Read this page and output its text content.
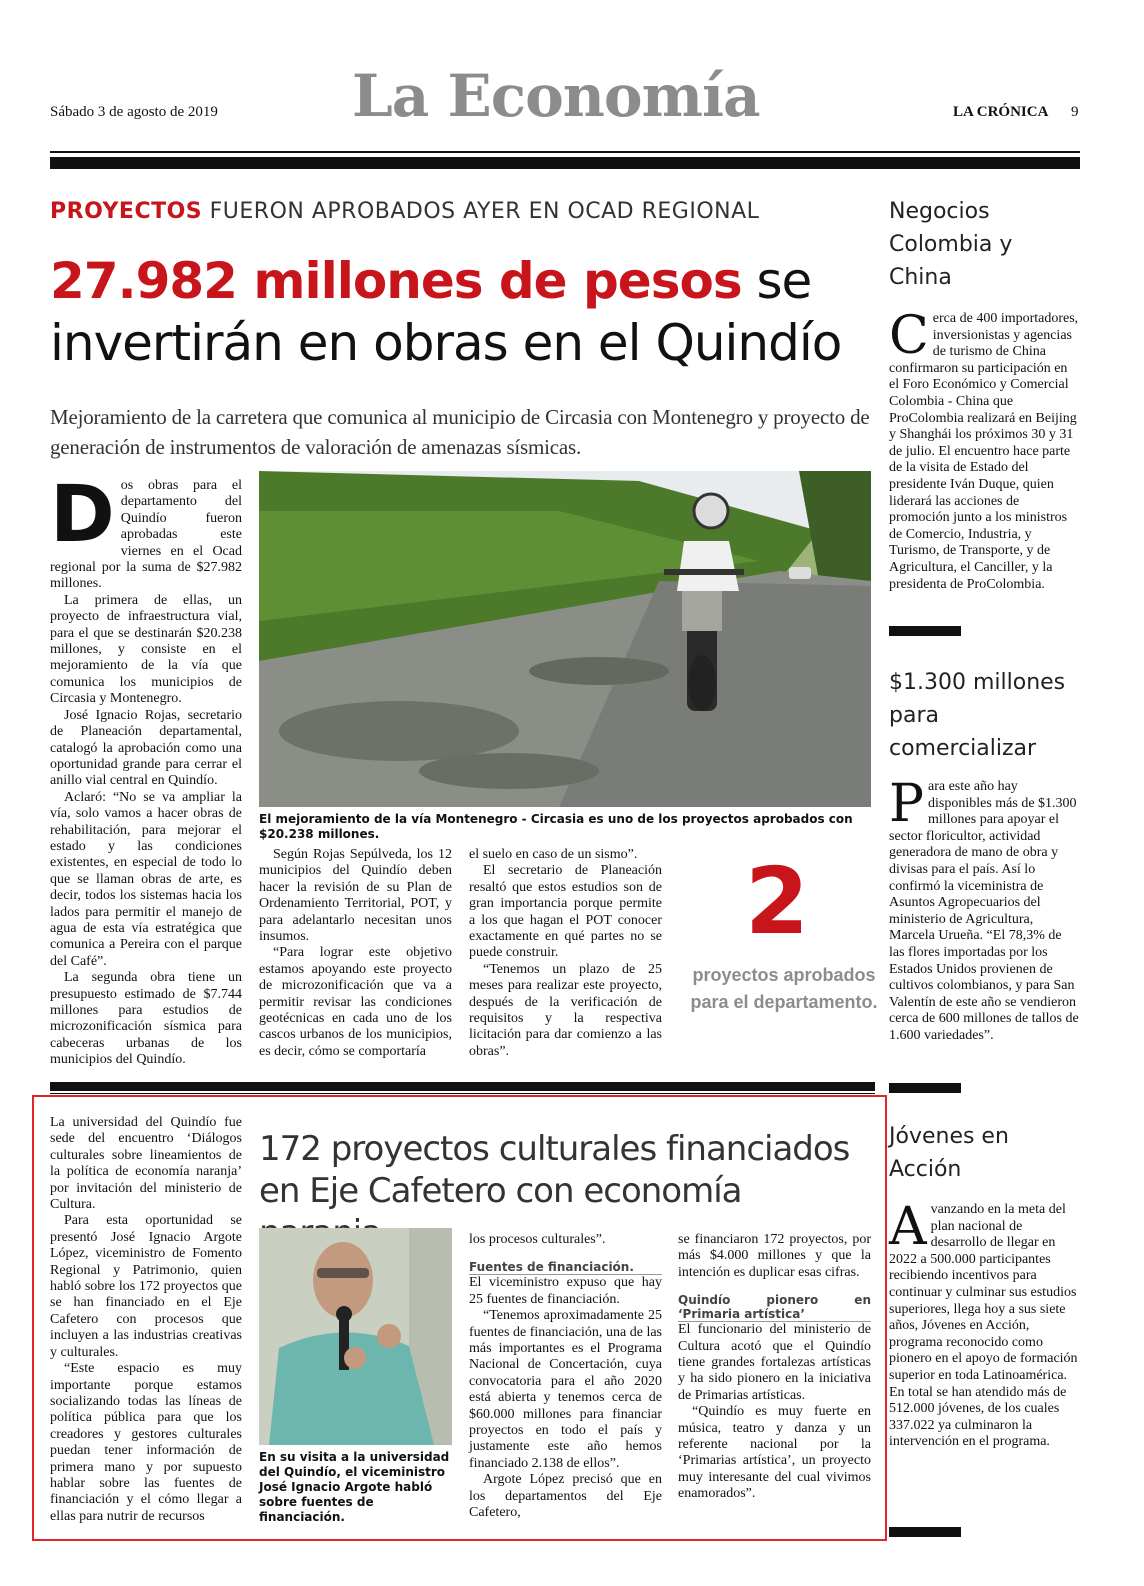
Sábado 3 de agosto de 2019 La Economía	LA CRÓNICA 9
PROYECTOS FUERON APROBADOS AYER EN OCAD REGIONAL
27.982 millones de pesos se invertirán en obras en el Quindío
Mejoramiento de la carretera que comunica al municipio de Circasia con Montenegro y proyecto de generación de instrumentos de valoración de amenazas sísmicas.

Dos obras para el departamento del Quindío fueron aprobadas este viernes en el Ocad regional por la suma de $27.982 millones.

La primera de ellas, un proyecto de infraestructura vial, para el que se destinarán $20.238 millones, y consiste en el mejoramiento de la vía que comunica los municipios de Circasia y Montenegro.

José Ignacio Rojas, secretario de Planeación departamental, catalogó la aprobación como una oportunidad grande para cerrar el anillo vial central en Quindío.

Aclaró: “No se va ampliar la vía, solo vamos a hacer obras de rehabilitación, para mejorar el estado y las condiciones existentes, en especial de todo lo que se llaman obras de arte, es decir, todos los sistemas hacia los lados para permitir el manejo de agua de esta vía estratégica que comunica a Pereira con el parque del Café”.

La segunda obra tiene un presupuesto estimado de $7.744 millones para estudios de microzonificación sísmica para cabeceras urbanas de los municipios del Quindío.

El mejoramiento de la vía Montenegro - Circasia es uno de los proyectos aprobados con $20.238 millones.

Según Rojas Sepúlveda, los 12 municipios del Quindío deben hacer la revisión de su Plan de Ordenamiento Territorial, POT, y para adelantarlo necesitan unos insumos.

“Para lograr este objetivo estamos apoyando este proyecto de microzonificación que va a permitir revisar las condiciones geotécnicas en cada uno de los cascos urbanos de los municipios, es decir, cómo se comportaría

el suelo en caso de un sismo”.

El secretario de Planeación resaltó que estos estudios son de gran importancia porque permite a los que hagan el POT conocer exactamente en qué partes no se puede construir.

“Tenemos un plazo de 25 meses para realizar este proyecto, después de la verificación de requisitos y la respectiva licitación para dar comienzo a las obras”.

2
proyectos aprobados para el departamento.
Negocios Colombia y China
Cerca de 400 importadores, inversionistas y agencias de turismo de China confirmaron su participación en el Foro Económico y Comercial Colombia - China que ProColombia realizará en Beijing y Shanghái los próximos 30 y 31 de julio. El encuentro hace parte de la visita de Estado del presidente Iván Duque, quien liderará las acciones de promoción junto a los ministros de Comercio, Industria, y Turismo, de Transporte, y de Agricultura, el Canciller, y la presidenta de ProColombia.
$1.300 millones para comercializar
Para este año hay disponibles más de $1.300 millones para apoyar el sector floricultor, actividad generadora de mano de obra y divisas para el país. Así lo confirmó la viceministra de Asuntos Agropecuarios del ministerio de Agricultura, Marcela Urueña. “El 78,3% de las flores importadas por los Estados Unidos provienen de cultivos colombianos, y para San Valentín de este año se vendieron cerca de 600 millones de tallos de 1.600 variedades”.
Jóvenes en Acción
Avanzando en la meta del plan nacional de desarrollo de llegar en 2022 a 500.000 participantes recibiendo incentivos para continuar y culminar sus estudios superiores, llega hoy a sus siete años, Jóvenes en Acción, programa reconocido como pionero en el apoyo de formación superior en toda Latinoamérica. En total se han atendido más de 512.000 jóvenes, de los cuales 337.022 ya culminaron la intervención en el programa.
172 proyectos culturales financiados en Eje Cafetero con economía

La universidad del Quindío fue sede del encuentro ‘Diálogos culturales sobre lineamientos de la política de economía naranja’ por invitación del ministerio de Cultura.

Para esta oportunidad se presentó José Ignacio Argote López, viceministro de Fomento Regional y Patrimonio, quien habló sobre los 172 proyectos que se han financiado en el Eje Cafetero con procesos que incluyen a las industrias creativas y culturales.

“Este espacio es muy importante porque estamos socializando todas las líneas de política pública para que los creadores y gestores culturales puedan tener información de primera mano y por supuesto hablar sobre las fuentes de financiación y el cómo llegar a ellas para nutrir de recursos

En su visita a la universidad del Quindío, el viceministro José Ignacio Argote habló sobre fuentes de financiación.

los procesos culturales”.

Fuentes de financiación.

El viceministro expuso que hay 25 fuentes de financiación.

“Tenemos aproximadamente 25 fuentes de financiación, una de las más importantes es el Programa Nacional de Concertación, cuya convocatoria para el año 2020 está abierta y tenemos cerca de $60.000 millones para financiar proyectos en todo el país y justamente este año hemos financiado 2.138 de ellos”.

Argote López precisó que en los departamentos del Eje Cafetero,

se financiaron 172 proyectos, por más $4.000 millones y que la intención es duplicar esas cifras.

Quindío pionero en ‘Primaria artística’

El funcionario del ministerio de Cultura acotó que el Quindío tiene grandes fortalezas artísticas y ha sido pionero en la iniciativa de Primarias artísticas.

“Quindío es muy fuerte en música, teatro y danza y un referente nacional por la ‘Primarias artística’, un proyecto muy interesante del cual vivimos enamorados”.
